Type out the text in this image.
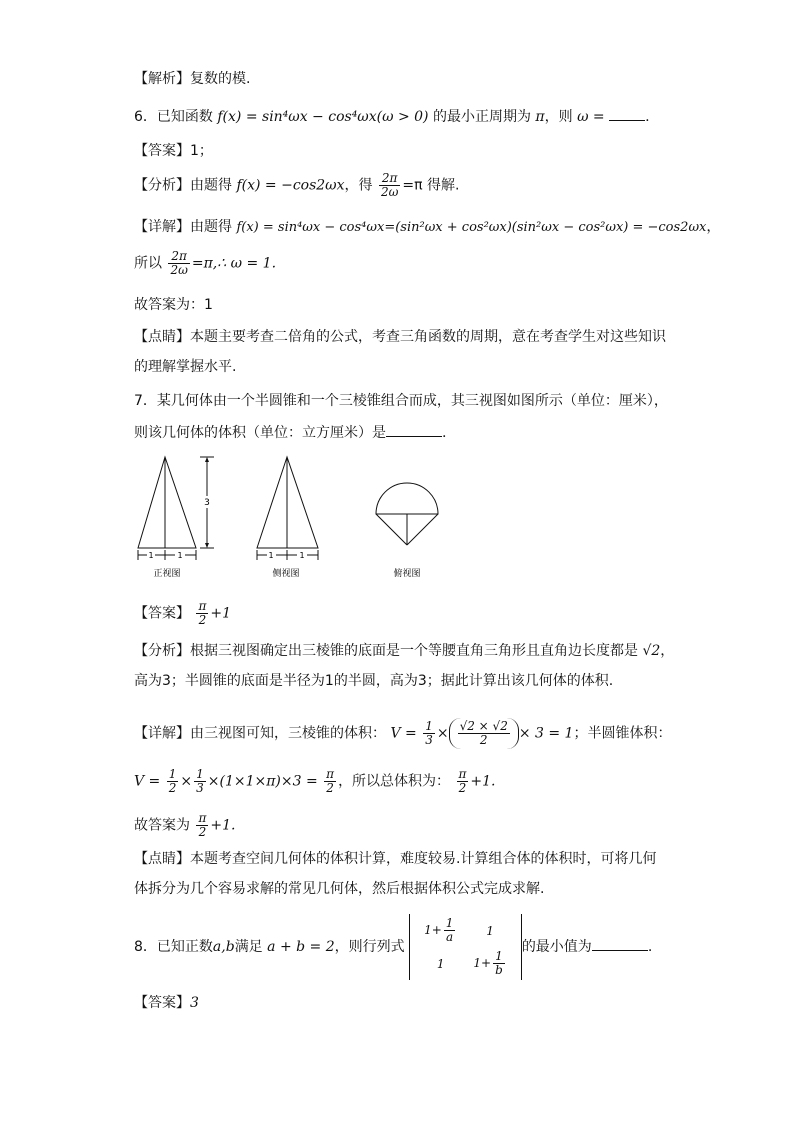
【解析】复数的模.
6．已知函数 f(x) = sin⁴ωx − cos⁴ωx(ω > 0) 的最小正周期为 π，则 ω =	.
【答案】1；
【分析】由题得 f(x) = −cos2ωx，得 $\frac{2\pi}{2\omega} =\pi$ 得解.
【详解】由题得 f(x) = sin⁴ωx − cos⁴ωx=(sin²ωx + cos²ωx)(sin²ωx − cos²ωx) = −cos2ωx，
所以 $\frac{2\pi}{2\omega}$ =π,∴ ω = 1.
故答案为：1
【点睛】本题主要考查二倍角的公式，考查三角函数的周期，意在考查学生对这些知识
的理解掌握水平.
7．某几何体由一个半圆锥和一个三棱锥组合而成，其三视图如图所示（单位：厘米），
则该几何体的体积（单位：立方厘米）是	.
1	1
3
正视图
1	1
侧视图	俯视图
【答案】 $\frac{\pi}{2} +1$
【分析】根据三视图确定出三棱锥的底面是一个等腰直角三角形且直角边长度都是 √2，
高为3；半圆锥的底面是半径为1的半圆，高为3；据此计算出该几何体的体积.
【详解】由三视图可知，三棱锥的体积： $V = \frac{1}{3} \times \frac{√2 \times √2}{2} \times 3 = 1$；半圆锥体积：
$V = \frac{1}{2} \times \frac{1}{3} \times(1\times 1\times\pi)\times 3 = \frac{\pi}{2}$ ，所以总体积为： $\frac{\pi}{2} +1$.
故答案为 $\frac{\pi}{2} +1$.
【点睛】本题考查空间几何体的体积计算，难度较易.计算组合体的体积时，可将几何
体拆分为几个容易求解的常见几何体，然后根据体积公式完成求解.
8．已知正数a,b满足 a + b = 2，则行列式
$1+ \frac{1}{a}$	1
1	$1+ \frac{1}{b}$
的最小值为	.
【答案】3
